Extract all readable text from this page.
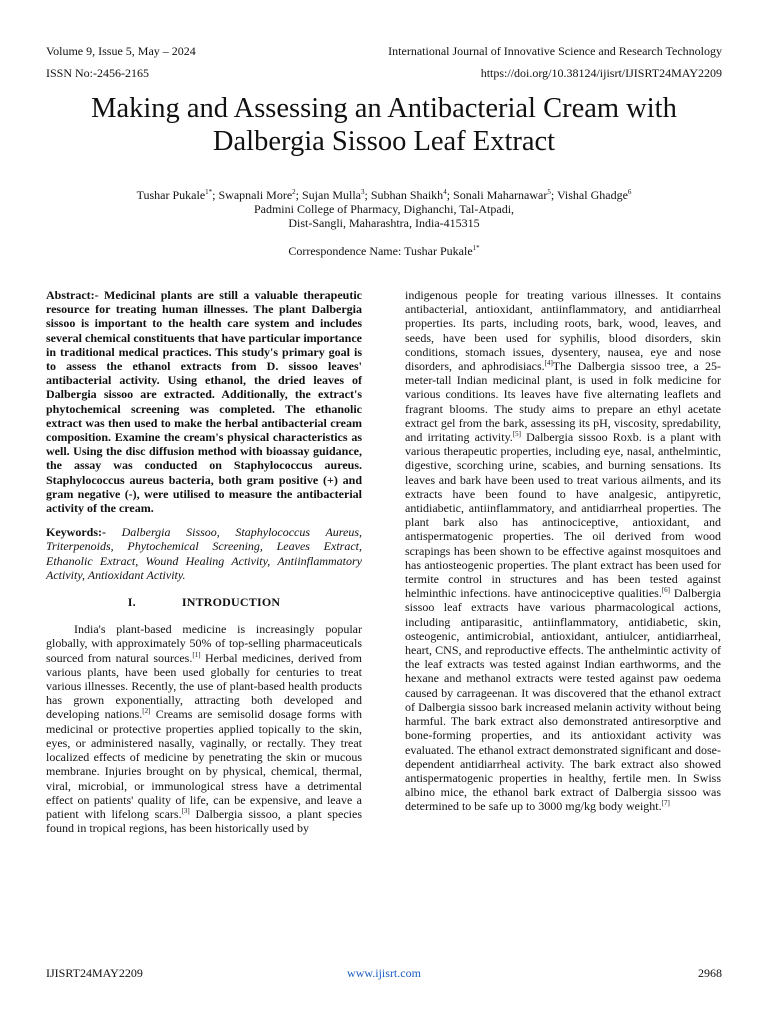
Volume 9, Issue 5, May – 2024	International Journal of Innovative Science and Research Technology
ISSN No:-2456-2165	https://doi.org/10.38124/ijisrt/IJISRT24MAY2209
Making and Assessing an Antibacterial Cream with
Dalbergia Sissoo Leaf Extract
Tushar Pukale$^{1*}$; Swapnali More$^2$; Sujan Mulla$^3$; Subhan Shaikh$^4$; Sonali Maharnawar$^5$; Vishal Ghadge$^6$
Padmini College of Pharmacy, Dighanchi, Tal-Atpadi,
Dist-Sangli, Maharashtra, India-415315
Correspondence Name: Tushar Pukale$^{1*}$

Abstract:- Medicinal plants are still a valuable therapeutic resource for treating human illnesses. The plant Dalbergia sissoo is important to the health care system and includes several chemical constituents that have particular importance in traditional medical practices. This study's primary goal is to assess the ethanol extracts from D. sissoo leaves' antibacterial activity. Using ethanol, the dried leaves of Dalbergia sissoo are extracted. Additionally, the extract's phytochemical screening was completed. The ethanolic extract was then used to make the herbal antibacterial cream composition. Examine the cream's physical characteristics as well. Using the disc diffusion method with bioassay guidance, the assay was conducted on Staphylococcus aureus. Staphylococcus aureus bacteria, both gram positive (+) and gram negative (-), were utilised to measure the antibacterial activity of the cream.

Keywords:- Dalbergia Sissoo, Staphylococcus Aureus, Triterpenoids, Phytochemical Screening, Leaves Extract, Ethanolic Extract, Wound Healing Activity, Antiinflammatory Activity, Antioxidant Activity.

I.	INTRODUCTION

India's plant-based medicine is increasingly popular globally, with approximately 50% of top-selling pharmaceuticals sourced from natural sources.[1] Herbal medicines, derived from various plants, have been used globally for centuries to treat various illnesses. Recently, the use of plant-based health products has grown exponentially, attracting both developed and developing nations.[2] Creams are semisolid dosage forms with medicinal or protective properties applied topically to the skin, eyes, or administered nasally, vaginally, or rectally. They treat localized effects of medicine by penetrating the skin or mucous membrane. Injuries brought on by physical, chemical, thermal, viral, microbial, or immunological stress have a detrimental effect on patients' quality of life, can be expensive, and leave a patient with lifelong scars.[3] Dalbergia sissoo, a plant species found in tropical regions, has been historically used by

indigenous people for treating various illnesses. It contains antibacterial, antioxidant, antiinflammatory, and antidiarrheal properties. Its parts, including roots, bark, wood, leaves, and seeds, have been used for syphilis, blood disorders, skin conditions, stomach issues, dysentery, nausea, eye and nose disorders, and aphrodisiacs.[4]The Dalbergia sissoo tree, a 25-meter-tall Indian medicinal plant, is used in folk medicine for various conditions. Its leaves have five alternating leaflets and fragrant blooms. The study aims to prepare an ethyl acetate extract gel from the bark, assessing its pH, viscosity, spredability, and irritating activity.[5] Dalbergia sissoo Roxb. is a plant with various therapeutic properties, including eye, nasal, anthelmintic, digestive, scorching urine, scabies, and burning sensations. Its leaves and bark have been used to treat various ailments, and its extracts have been found to have analgesic, antipyretic, antidiabetic, antiinflammatory, and antidiarrheal properties. The plant bark also has antinociceptive, antioxidant, and antispermatogenic properties. The oil derived from wood scrapings has been shown to be effective against mosquitoes and has antiosteogenic properties. The plant extract has been used for termite control in structures and has been tested against helminthic infections. have antinociceptive qualities.[6] Dalbergia sissoo leaf extracts have various pharmacological actions, including antiparasitic, antiinflammatory, antidiabetic, skin, osteogenic, antimicrobial, antioxidant, antiulcer, antidiarrheal, heart, CNS, and reproductive effects. The anthelmintic activity of the leaf extracts was tested against Indian earthworms, and the hexane and methanol extracts were tested against paw oedema caused by carrageenan. It was discovered that the ethanol extract of Dalbergia sissoo bark increased melanin activity without being harmful. The bark extract also demonstrated antiresorptive and bone-forming properties, and its antioxidant activity was evaluated. The ethanol extract demonstrated significant and dose-dependent antidiarrheal activity. The bark extract also showed antispermatogenic properties in healthy, fertile men. In Swiss albino mice, the ethanol bark extract of Dalbergia sissoo was determined to be safe up to 3000 mg/kg body weight.[7]

IJISRT24MAY2209	www.ijisrt.com	2968
